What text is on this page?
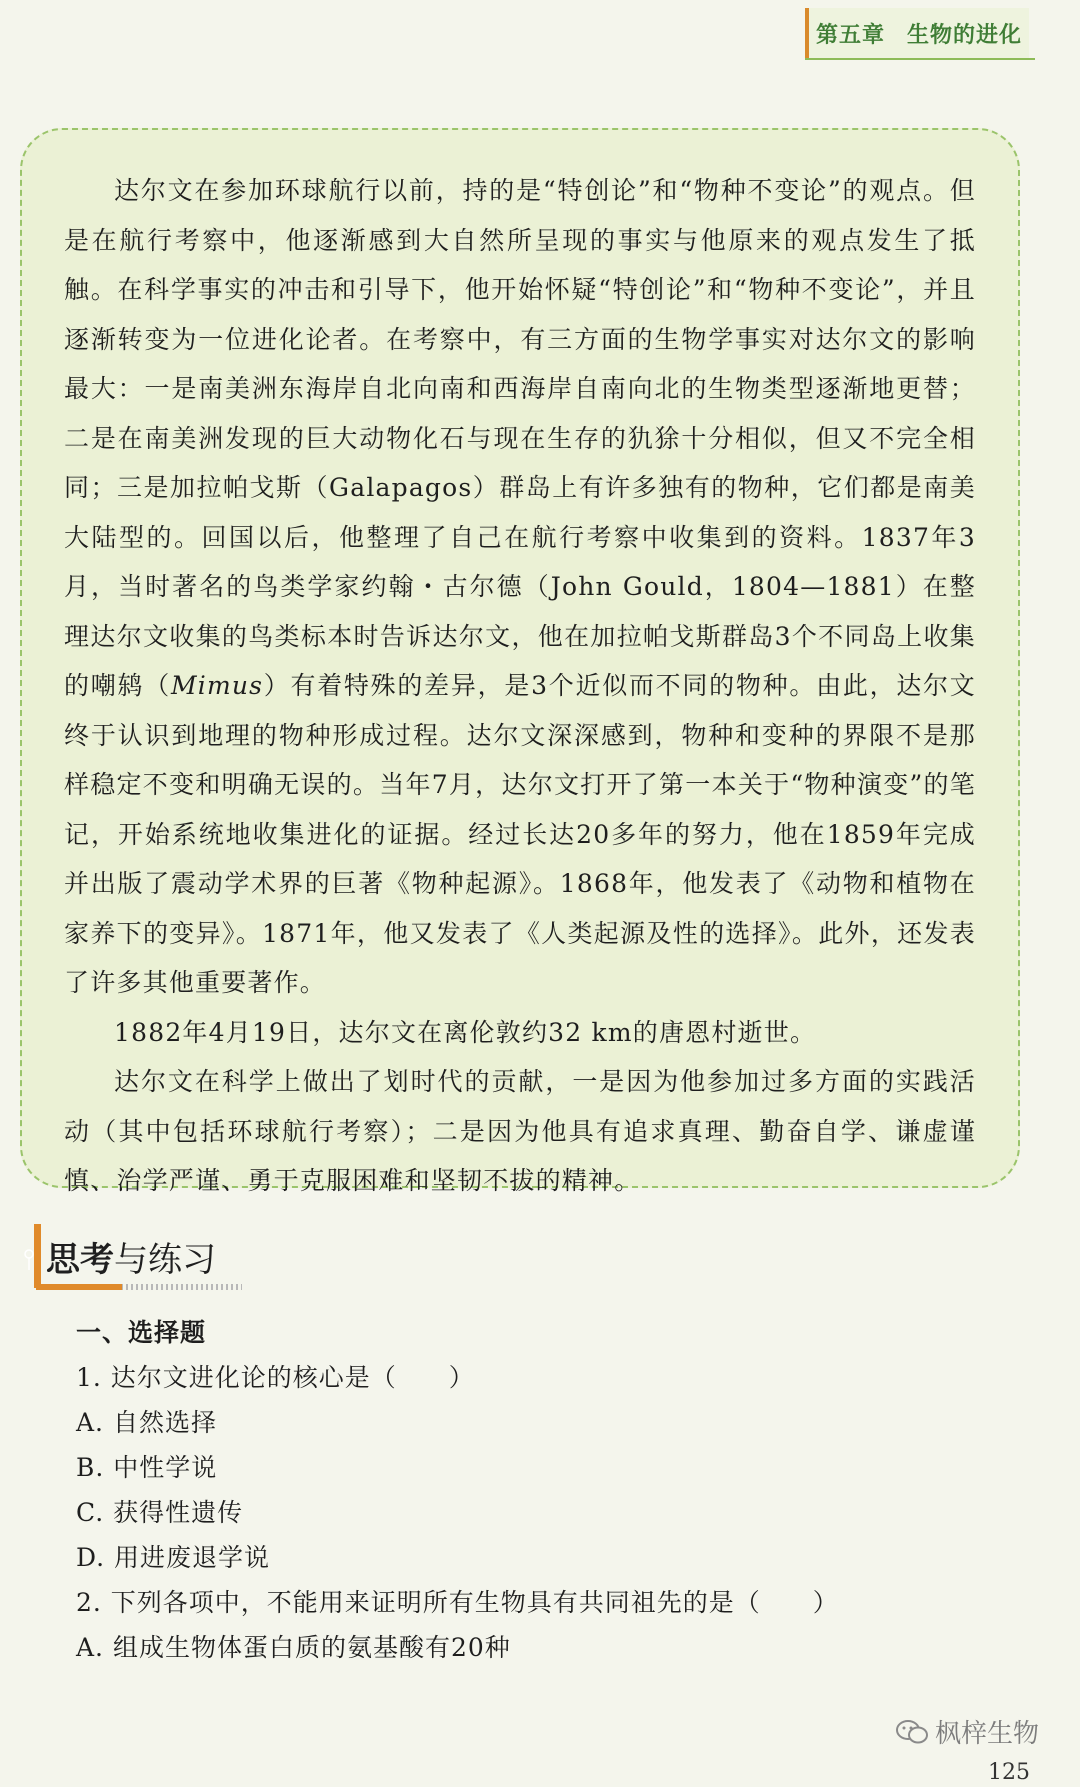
第五章 生物的进化

达尔文在参加环球航行以前，持的是“特创论”和“物种不变论”的观点。但是在航行考察中，他逐渐感到大自然所呈现的事实与他原来的观点发生了抵触。在科学事实的冲击和引导下，他开始怀疑“特创论”和“物种不变论”，并且逐渐转变为一位进化论者。在考察中，有三方面的生物学事实对达尔文的影响最大：一是南美洲东海岸自北向南和西海岸自南向北的生物类型逐渐地更替；二是在南美洲发现的巨大动物化石与现在生存的犰狳十分相似，但又不完全相同；三是加拉帕戈斯（Galapagos）群岛上有许多独有的物种，它们都是南美大陆型的。回国以后，他整理了自己在航行考察中收集到的资料。1837年3月，当时著名的鸟类学家约翰・古尔德（John Gould，1804—1881）在整理达尔文收集的鸟类标本时告诉达尔文，他在加拉帕戈斯群岛3个不同岛上收集的嘲鸫（Mimus）有着特殊的差异，是3个近似而不同的物种。由此，达尔文终于认识到地理的物种形成过程。达尔文深深感到，物种和变种的界限不是那样稳定不变和明确无误的。当年7月，达尔文打开了第一本关于“物种演变”的笔记，开始系统地收集进化的证据。经过长达20多年的努力，他在1859年完成并出版了震动学术界的巨著《物种起源》。1868年，他发表了《动物和植物在家养下的变异》。1871年，他又发表了《人类起源及性的选择》。此外，还发表了许多其他重要著作。

1882年4月19日，达尔文在离伦敦约32 km的唐恩村逝世。

达尔文在科学上做出了划时代的贡献，一是因为他参加过多方面的实践活动（其中包括环球航行考察）；二是因为他具有追求真理、勤奋自学、谦虚谨慎、治学严谨、勇于克服困难和坚韧不拔的精神。

思考与练习
一、选择题
1. 达尔文进化论的核心是（　　）
A. 自然选择
B. 中性学说
C. 获得性遗传
D. 用进废退学说
2. 下列各项中，不能用来证明所有生物具有共同祖先的是（　　）
A. 组成生物体蛋白质的氨基酸有20种
枫梓生物
125
